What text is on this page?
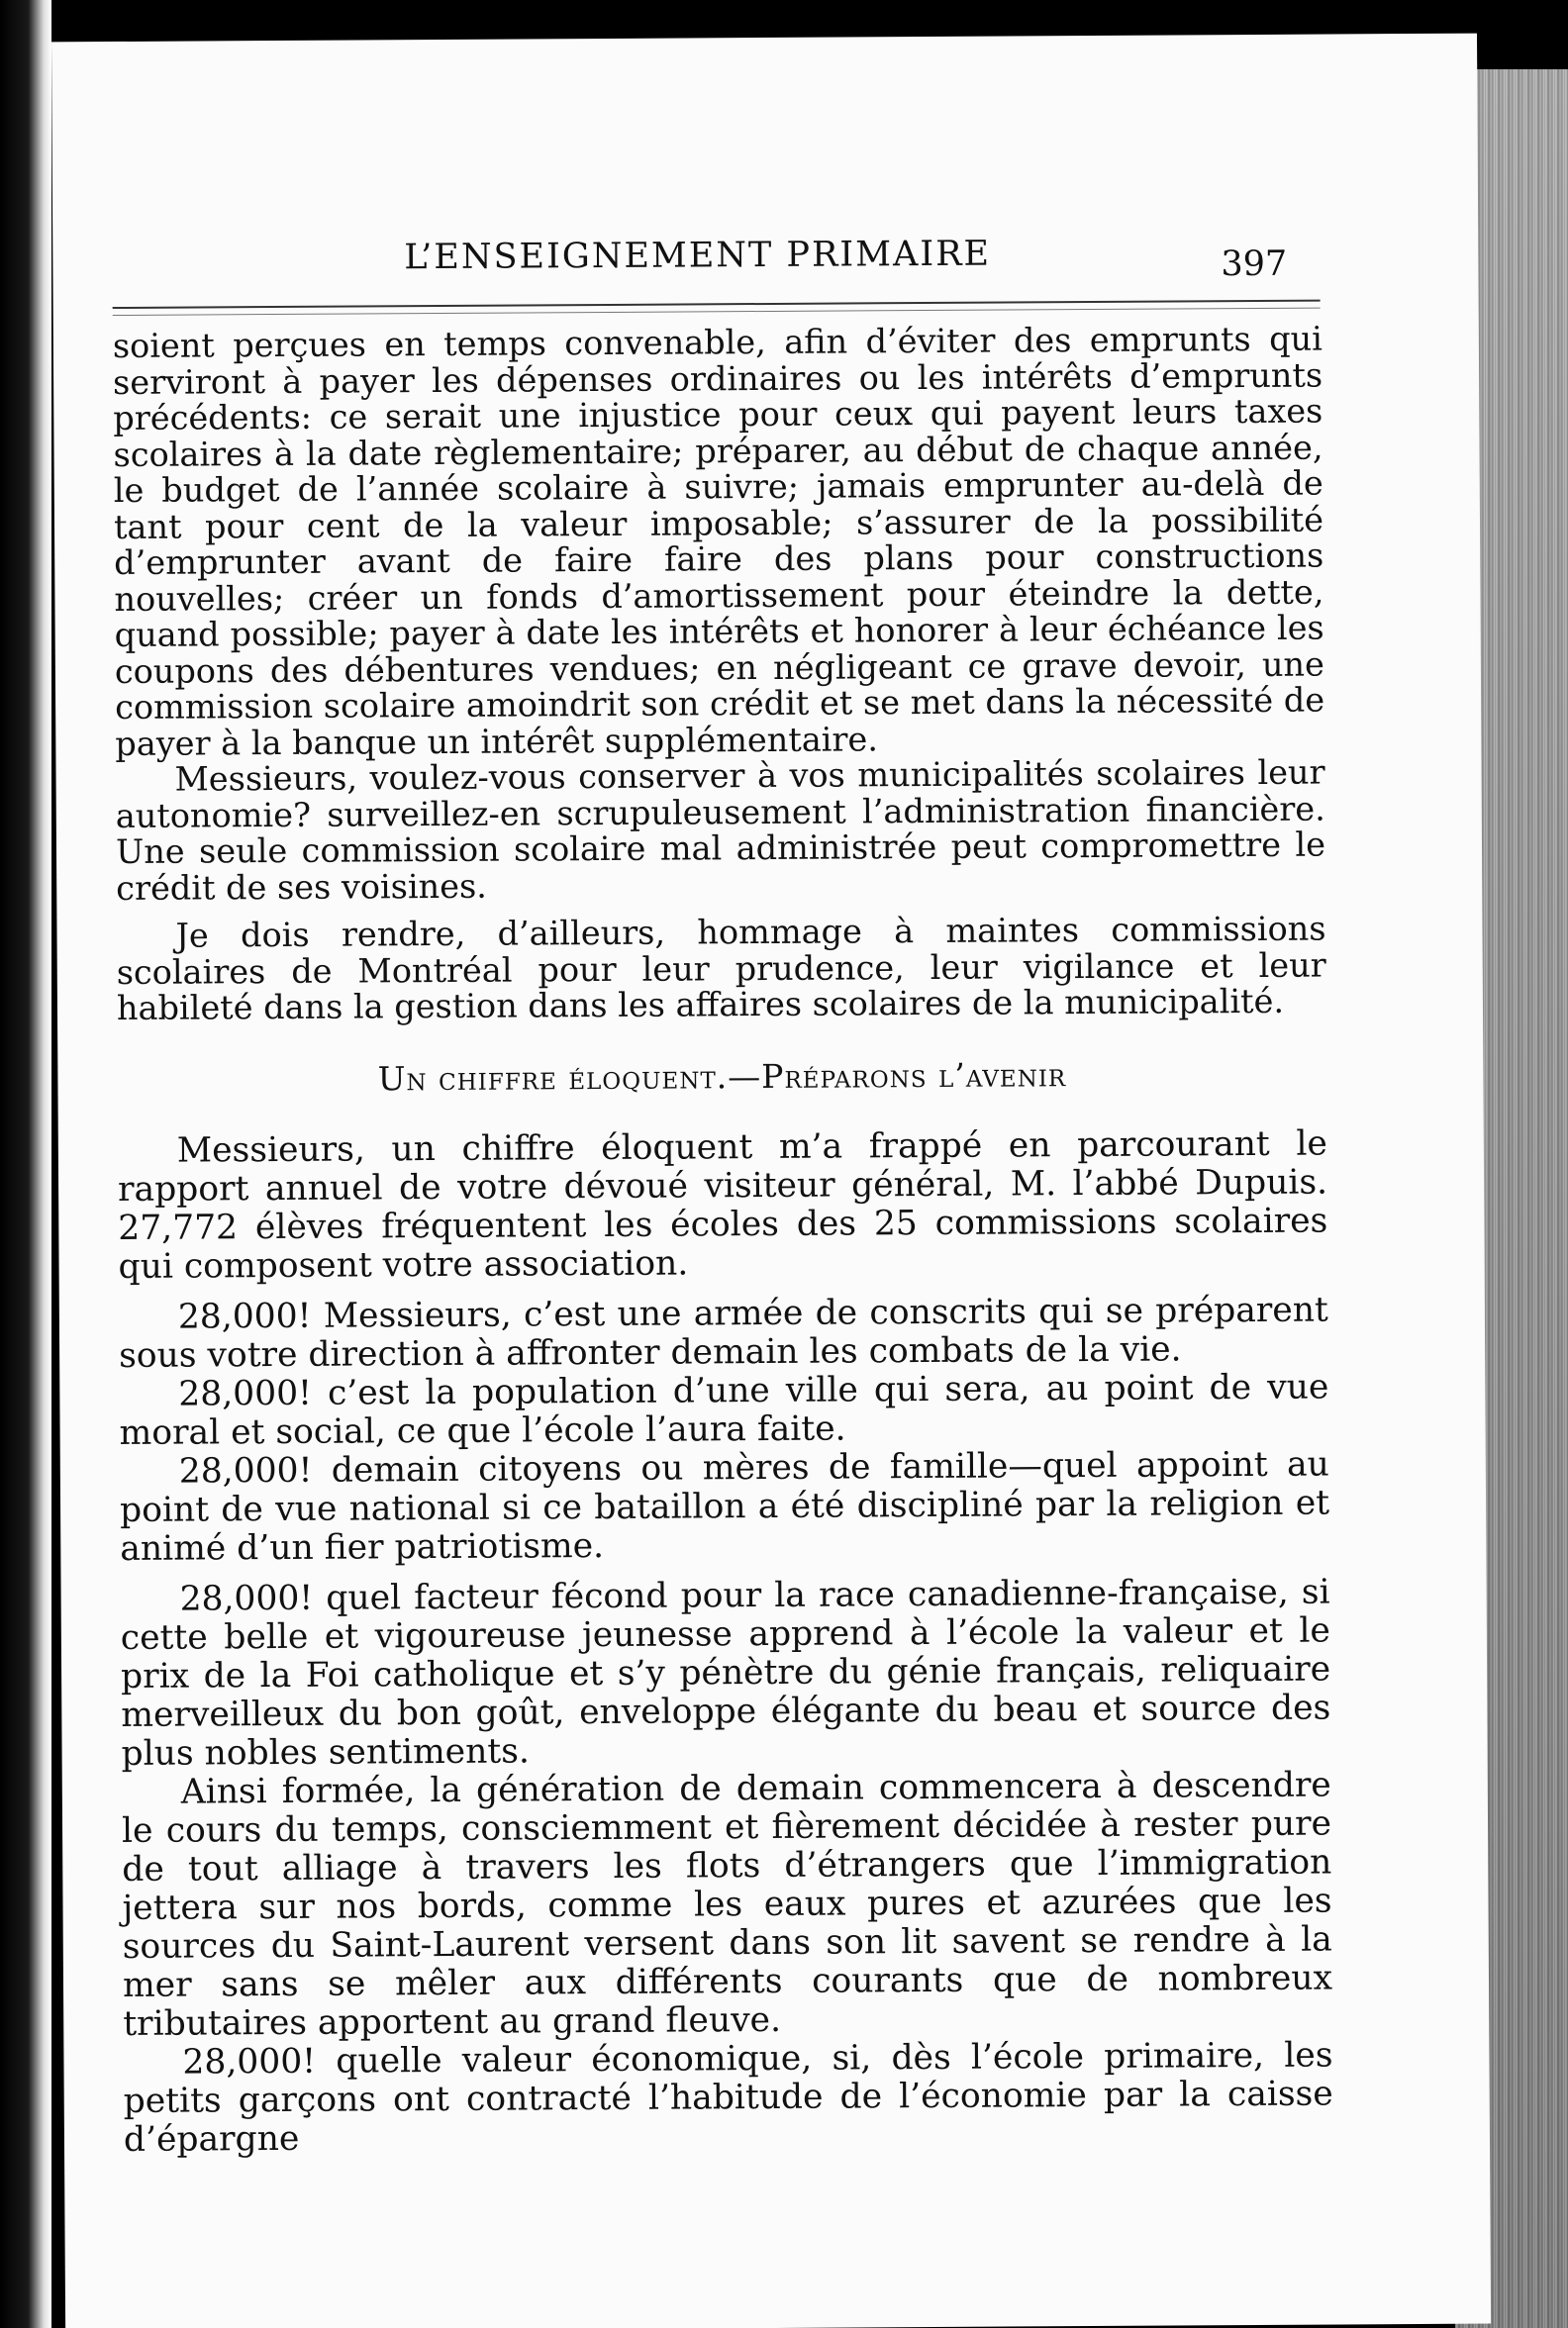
L’ENSEIGNEMENT PRIMAIRE	397

soient perçues en temps convenable, afin d’éviter des emprunts qui serviront à payer les dépenses ordinaires ou les intérêts d’emprunts précédents: ce serait une injustice pour ceux qui payent leurs taxes scolaires à la date règlementaire; préparer, au début de chaque année, le budget de l’année scolaire à suivre; jamais emprunter au-delà de tant pour cent de la valeur imposable; s’assurer de la possibilité d’emprunter avant de faire faire des plans pour constructions nouvelles; créer un fonds d’amortissement pour éteindre la dette, quand possible; payer à date les intérêts et honorer à leur échéance les coupons des débentures vendues; en négligeant ce grave devoir, une commission scolaire amoindrit son crédit et se met dans la nécessité de payer à la banque un intérêt supplémentaire.

Messieurs, voulez-vous conserver à vos municipalités scolaires leur autonomie? surveillez-en scrupuleusement l’administration financière. Une seule commission scolaire mal administrée peut compromettre le crédit de ses voisines.

Je dois rendre, d’ailleurs, hommage à maintes commissions scolaires de Montréal pour leur prudence, leur vigilance et leur habileté dans la gestion dans les affaires scolaires de la municipalité.

Un chiffre éloquent.—Préparons l’avenir

Messieurs, un chiffre éloquent m’a frappé en parcourant le rapport annuel de votre dévoué visiteur général, M. l’abbé Dupuis. 27,772 élèves fréquentent les écoles des 25 commissions scolaires qui composent votre association.

28,000! Messieurs, c’est une armée de conscrits qui se préparent sous votre direction à affronter demain les combats de la vie.

28,000! c’est la population d’une ville qui sera, au point de vue moral et social, ce que l’école l’aura faite.

28,000! demain citoyens ou mères de famille—quel appoint au point de vue national si ce bataillon a été discipliné par la religion et animé d’un fier patriotisme.

28,000! quel facteur fécond pour la race canadienne-française, si cette belle et vigoureuse jeunesse apprend à l’école la valeur et le prix de la Foi catholique et s’y pénètre du génie français, reliquaire merveilleux du bon goût, enveloppe élégante du beau et source des plus nobles sentiments.

Ainsi formée, la génération de demain commencera à descendre le cours du temps, consciemment et fièrement décidée à rester pure de tout alliage à travers les flots d’étrangers que l’immigration jettera sur nos bords, comme les eaux pures et azurées que les sources du Saint-Laurent versent dans son lit savent se rendre à la mer sans se mêler aux différents courants que de nombreux tributaires apportent au grand fleuve.

28,000! quelle valeur économique, si, dès l’école primaire, les petits garçons ont contracté l’habitude de l’économie par la caisse d’épargne
